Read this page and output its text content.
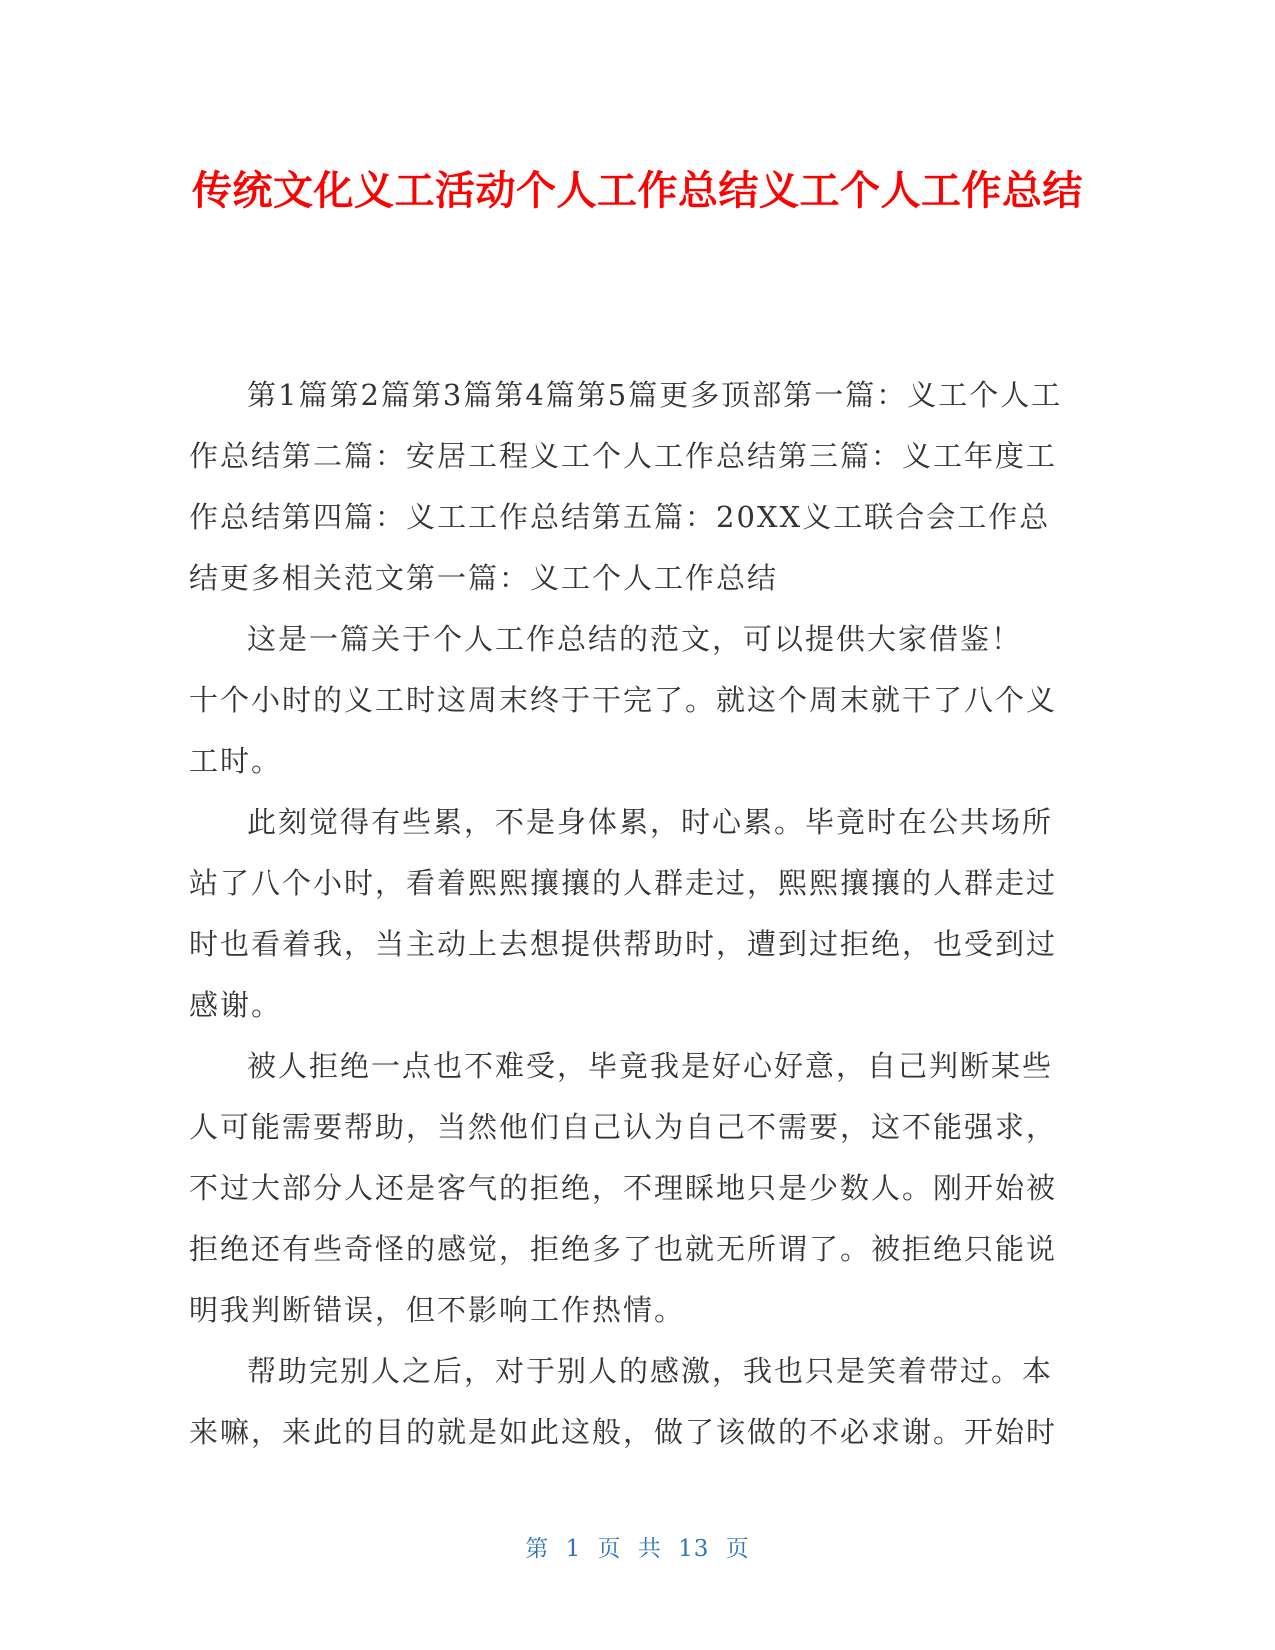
传统文化义工活动个人工作总结义工个人工作总结

第1篇第2篇第3篇第4篇第5篇更多顶部第一篇：义工个人工作总结第二篇：安居工程义工个人工作总结第三篇：义工年度工作总结第四篇：义工工作总结第五篇：20XX义工联合会工作总结更多相关范文第一篇：义工个人工作总结

这是一篇关于个人工作总结的范文，可以提供大家借鉴！

十个小时的义工时这周末终于干完了。就这个周末就干了八个义工时。

此刻觉得有些累，不是身体累，时心累。毕竟时在公共场所站了八个小时，看着熙熙攘攘的人群走过，熙熙攘攘的人群走过时也看着我，当主动上去想提供帮助时，遭到过拒绝，也受到过感谢。

被人拒绝一点也不难受，毕竟我是好心好意，自己判断某些人可能需要帮助，当然他们自己认为自己不需要，这不能强求，不过大部分人还是客气的拒绝，不理睬地只是少数人。刚开始被拒绝还有些奇怪的感觉，拒绝多了也就无所谓了。被拒绝只能说明我判断错误，但不影响工作热情。

帮助完别人之后，对于别人的感激，我也只是笑着带过。本来嘛，来此的目的就是如此这般，做了该做的不必求谢。开始时

第 1 页 共 13 页
